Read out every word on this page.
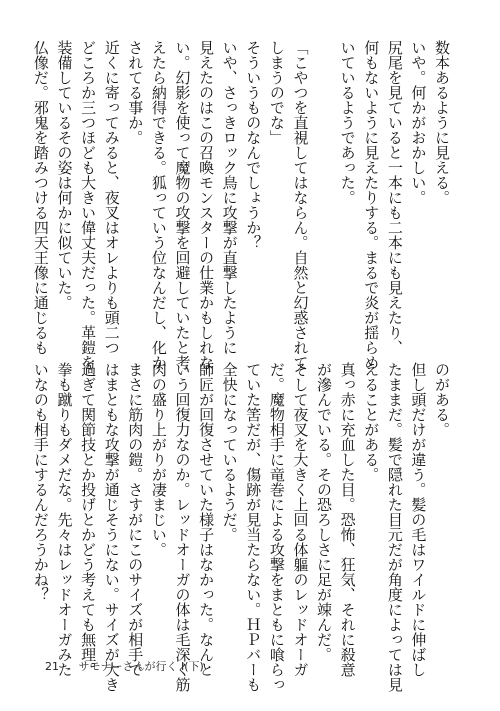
数本あるように見える。
いや。何かがおかしい。
尻尾を見ていると一本にも二本にも見えたり、
何もないように見えたりする。まるで炎が揺らめ
いているようであった。
「こやつを直視してはならん。自然と幻惑されて
しまうのでな」
そういうものなんでしょうか？
いや、さっきロック鳥に攻撃が直撃したように
見えたのはこの召喚モンスターの仕業かもしれな
い。幻影を使って魔物の攻撃を回避していたと考
えたら納得できる。狐っていう位なんだし、化か
されてる事か。
近くに寄ってみると、夜叉はオレよりも頭二つ
どころか三つほども大きい偉丈夫だった。革鎧を
装備しているその姿は何かに似ていた。
仏像だ。邪鬼を踏みつける四天王像に通じるも
のがある。
但し頭だけが違う。髪の毛はワイルドに伸ばし
たままだ。髪で隠れた目元だが角度によっては見
えることがある。
真っ赤に充血した目。恐怖、狂気、それに殺意
が滲んでいる。その恐ろしさに足が竦んだ。
そして夜叉を大きく上回る体軀のレッドオーガ
だ。魔物相手に竜巻による攻撃をまともに喰らっ
ていた筈だが、傷跡が見当たらない。ＨＰバーも
全快になっているようだ。
師匠が回復させていた様子はなかった。なんと
いう回復力なのか。レッドオーガの体は毛深く筋
肉の盛り上がりが凄まじい。
まさに筋肉の鎧。さすがにこのサイズが相手で
はまともな攻撃が通じそうにない。サイズが大き
過ぎて関節技とか投げとかどう考えても無理。
拳も蹴りもダメだな。先々はレッドオーガみた
いなのも相手にするんだろうかね？
21 サモナーさんが行く Ⅰ(下)
